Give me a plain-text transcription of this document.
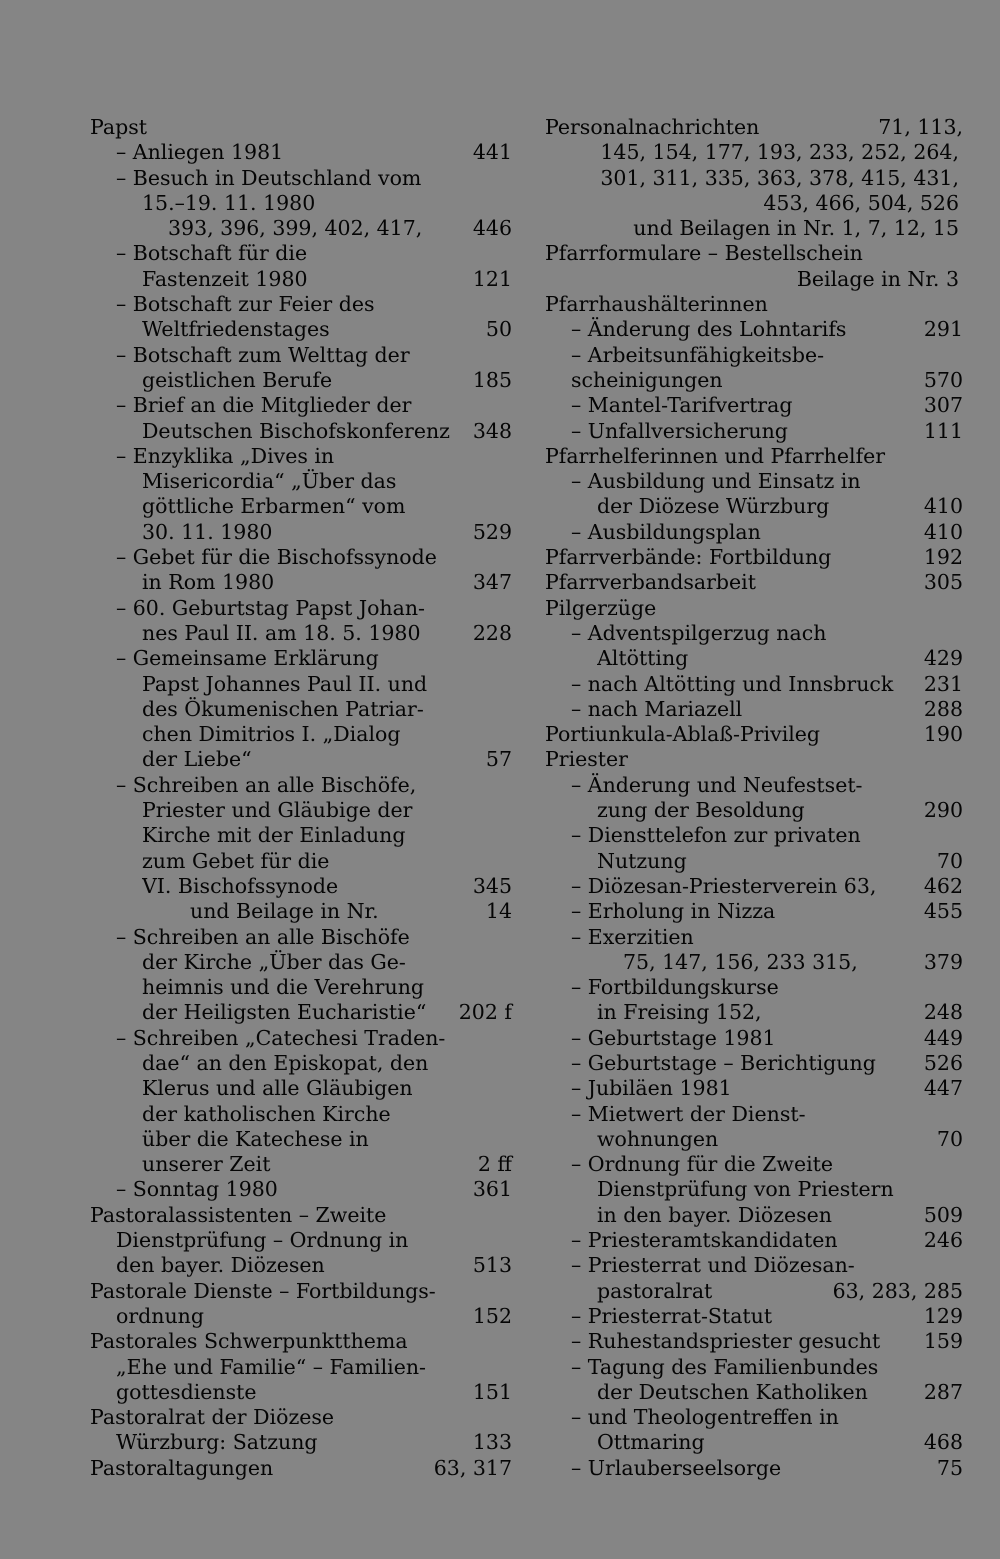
Papst
– Anliegen 1981	441
– Besuch in Deutschland vom
15.–19. 11. 1980
393, 396, 399, 402, 417,	446
– Botschaft für die
Fastenzeit 1980	121
– Botschaft zur Feier des
Weltfriedenstages	50
– Botschaft zum Welttag der
geistlichen Berufe	185
– Brief an die Mitglieder der
Deutschen Bischofskonferenz	348
– Enzyklika „Dives in
Misericordia“ „Über das
göttliche Erbarmen“ vom
30. 11. 1980	529
– Gebet für die Bischofssynode
in Rom 1980	347
– 60. Geburtstag Papst Johan-
nes Paul II. am 18. 5. 1980	228
– Gemeinsame Erklärung
Papst Johannes Paul II. und
des Ökumenischen Patriar-
chen Dimitrios I. „Dialog
der Liebe“	57
– Schreiben an alle Bischöfe,
Priester und Gläubige der
Kirche mit der Einladung
zum Gebet für die
VI. Bischofssynode	345
und Beilage in Nr.	14
– Schreiben an alle Bischöfe
der Kirche „Über das Ge-
heimnis und die Verehrung
der Heiligsten Eucharistie“	202 f
– Schreiben „Catechesi Traden-
dae“ an den Episkopat, den
Klerus und alle Gläubigen
der katholischen Kirche
über die Katechese in
unserer Zeit	2 ff
– Sonntag 1980	361
Pastoralassistenten – Zweite
Dienstprüfung – Ordnung in
den bayer. Diözesen	513
Pastorale Dienste – Fortbildungs-
ordnung	152
Pastorales Schwerpunktthema
„Ehe und Familie“ – Familien-
gottesdienste	151
Pastoralrat der Diözese
Würzburg: Satzung	133
Pastoraltagungen	63, 317
Personalnachrichten	71, 113,
145, 154, 177, 193, 233, 252, 264,
301, 311, 335, 363, 378, 415, 431,
453, 466, 504, 526
und Beilagen in Nr. 1, 7, 12, 15
Pfarrformulare – Bestellschein
Beilage in Nr. 3
Pfarrhaushälterinnen
– Änderung des Lohntarifs	291
– Arbeitsunfähigkeitsbe-
scheinigungen	570
– Mantel-Tarifvertrag	307
– Unfallversicherung	111
Pfarrhelferinnen und Pfarrhelfer
– Ausbildung und Einsatz in
der Diözese Würzburg	410
– Ausbildungsplan	410
Pfarrverbände: Fortbildung	192
Pfarrverbandsarbeit	305
Pilgerzüge
– Adventspilgerzug nach
Altötting	429
– nach Altötting und Innsbruck	231
– nach Mariazell	288
Portiunkula-Ablaß-Privileg	190
Priester
– Änderung und Neufestset-
zung der Besoldung	290
– Diensttelefon zur privaten
Nutzung	70
– Diözesan-Priesterverein 63,	462
– Erholung in Nizza	455
– Exerzitien
75, 147, 156, 233 315,	379
– Fortbildungskurse
in Freising 152,	248
– Geburtstage 1981	449
– Geburtstage – Berichtigung	526
– Jubiläen 1981	447
– Mietwert der Dienst-
wohnungen	70
– Ordnung für die Zweite
Dienstprüfung von Priestern
in den bayer. Diözesen	509
– Priesteramtskandidaten	246
– Priesterrat und Diözesan-
pastoralrat	63, 283, 285
– Priesterrat-Statut	129
– Ruhestandspriester gesucht	159
– Tagung des Familienbundes
der Deutschen Katholiken	287
– und Theologentreffen in
Ottmaring	468
– Urlauberseelsorge	75
